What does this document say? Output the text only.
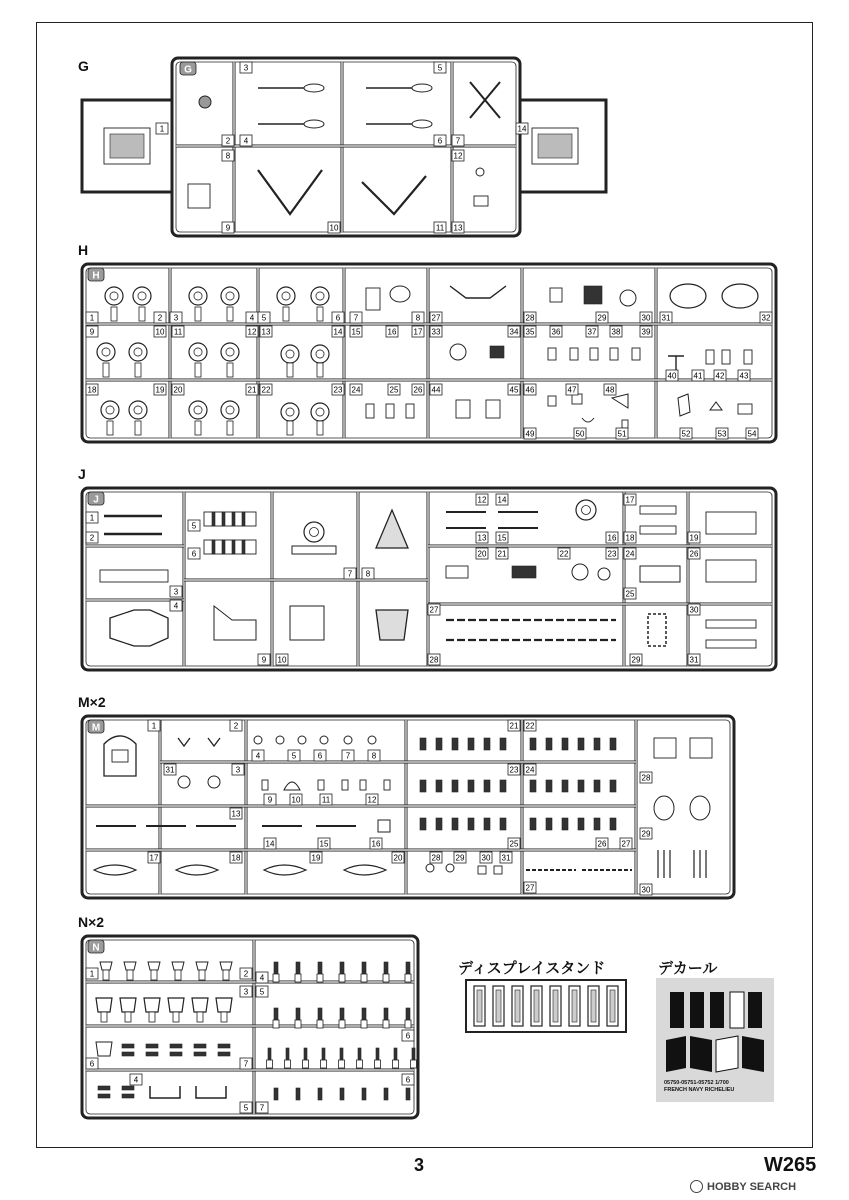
G
H
J
M×2
N×2
G
1	14
2
3
4
5
6 7
8
9	10	11
12
13
H
1	2 3	4 5	6 7	8
9	10 11	12 13	14 15	16 17
18	19 20	21 22	23 24	25 26
27	28	29	30 31	32
33	34 35 36	37 38	39
40 41 42 43
44	45 46	47	48
49	50	51	52	53	54
J
1
2
3
4
5
6
7 8
9 10
12
13
14
15	16
17
18	19
20 21	22	23 24
25
26
27
28	29
30
31
M	1	2
3
4	5	6	7	8
9 10	11	12
13
14	15	16
17	18	19	20
21 22
23 24
25	26 27
28 29 30 31
31
27
28
29
30
N
1	2
3
4
5
6	7
4
5 7
6
6
ディスプレイスタンド	デカール
05750-05751-05752 1/700
FRENCH NAVY RICHELIEU
3	W265
HOBBY SEARCH
